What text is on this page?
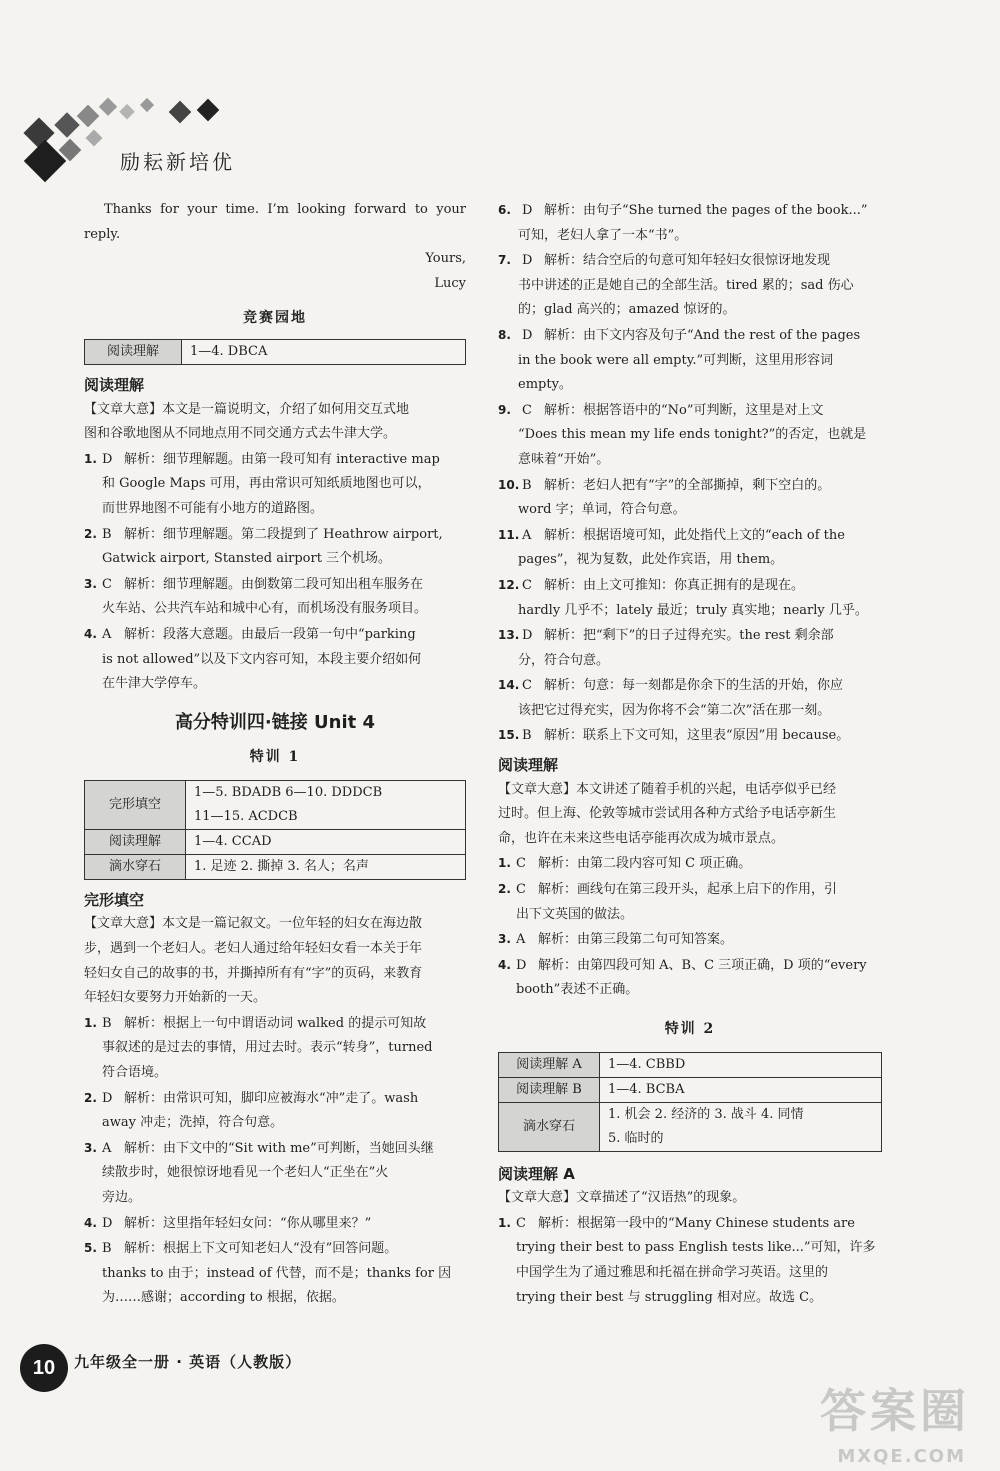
励耘新培优
Thanks for your time. I’m looking forward to your
reply.
Yours,
Lucy
竞赛园地
阅读理解	1—4. DBCA
阅读理解
【文章大意】本文是一篇说明文，介绍了如何用交互式地
图和谷歌地图从不同地点用不同交通方式去牛津大学。
1. D 解析：细节理解题。由第一段可知有 interactive map
和 Google Maps 可用，再由常识可知纸质地图也可以，
而世界地图不可能有小地方的道路图。
2. B 解析：细节理解题。第二段提到了 Heathrow airport,
Gatwick airport, Stansted airport 三个机场。
3. C 解析：细节理解题。由倒数第二段可知出租车服务在
火车站、公共汽车站和城中心有，而机场没有服务项目。
4. A 解析：段落大意题。由最后一段第一句中“parking
is not allowed”以及下文内容可知，本段主要介绍如何
在牛津大学停车。
高分特训四·链接 Unit 4
特训 1
完形填空	1—5. BDADB 6—10. DDDCB
	11—15. ACDCB
阅读理解	1—4. CCAD
滴水穿石	1. 足迹 2. 撕掉 3. 名人；名声
完形填空
【文章大意】本文是一篇记叙文。一位年轻的妇女在海边散
步，遇到一个老妇人。老妇人通过给年轻妇女看一本关于年
轻妇女自己的故事的书，并撕掉所有有“字”的页码，来教育
年轻妇女要努力开始新的一天。
1. B 解析：根据上一句中谓语动词 walked 的提示可知故
事叙述的是过去的事情，用过去时。表示“转身”，turned
符合语境。
2. D 解析：由常识可知，脚印应被海水“冲”走了。wash
away 冲走；洗掉，符合句意。
3. A 解析：由下文中的“Sit with me”可判断，当她回头继
续散步时，她很惊讶地看见一个老妇人“正坐在”火
旁边。
4. D 解析：这里指年轻妇女问：“你从哪里来？”
5. B 解析：根据上下文可知老妇人“没有”回答问题。
thanks to 由于；instead of 代替，而不是；thanks for 因
为……感谢；according to 根据，依据。
6. D 解析：由句子“She turned the pages of the book...”
可知，老妇人拿了一本“书”。
7. D 解析：结合空后的句意可知年轻妇女很惊讶地发现
书中讲述的正是她自己的全部生活。tired 累的；sad 伤心
的；glad 高兴的；amazed 惊讶的。
8. D 解析：由下文内容及句子“And the rest of the pages
in the book were all empty.”可判断，这里用形容词
empty。
9. C 解析：根据答语中的“No”可判断，这里是对上文
“Does this mean my life ends tonight?”的否定，也就是
意味着“开始”。
10. B 解析：老妇人把有“字”的全部撕掉，剩下空白的。
word 字；单词，符合句意。
11. A 解析：根据语境可知，此处指代上文的“each of the
pages”，视为复数，此处作宾语，用 them。
12. C 解析：由上文可推知：你真正拥有的是现在。
hardly 几乎不；lately 最近；truly 真实地；nearly 几乎。
13. D 解析：把“剩下”的日子过得充实。the rest 剩余部
分，符合句意。
14. C 解析：句意：每一刻都是你余下的生活的开始，你应
该把它过得充实，因为你将不会“第二次”活在那一刻。
15. B 解析：联系上下文可知，这里表“原因”用 because。
阅读理解
【文章大意】本文讲述了随着手机的兴起，电话亭似乎已经
过时。但上海、伦敦等城市尝试用各种方式给予电话亭新生
命，也许在未来这些电话亭能再次成为城市景点。
1. C 解析：由第二段内容可知 C 项正确。
2. C 解析：画线句在第三段开头，起承上启下的作用，引
出下文英国的做法。
3. A 解析：由第三段第二句可知答案。
4. D 解析：由第四段可知 A、B、C 三项正确，D 项的“every
booth”表述不正确。
特训 2
阅读理解 A	1—4. CBBD
阅读理解 B	1—4. BCBA
滴水穿石	1. 机会 2. 经济的 3. 战斗 4. 同情
	5. 临时的
阅读理解 A
【文章大意】文章描述了“汉语热”的现象。
1. C 解析：根据第一段中的“Many Chinese students are
trying their best to pass English tests like...”可知，许多
中国学生为了通过雅思和托福在拼命学习英语。这里的
trying their best 与 struggling 相对应。故选 C。
10	九年级全一册 · 英语（人教版）
答案圈
MXQE.COM
